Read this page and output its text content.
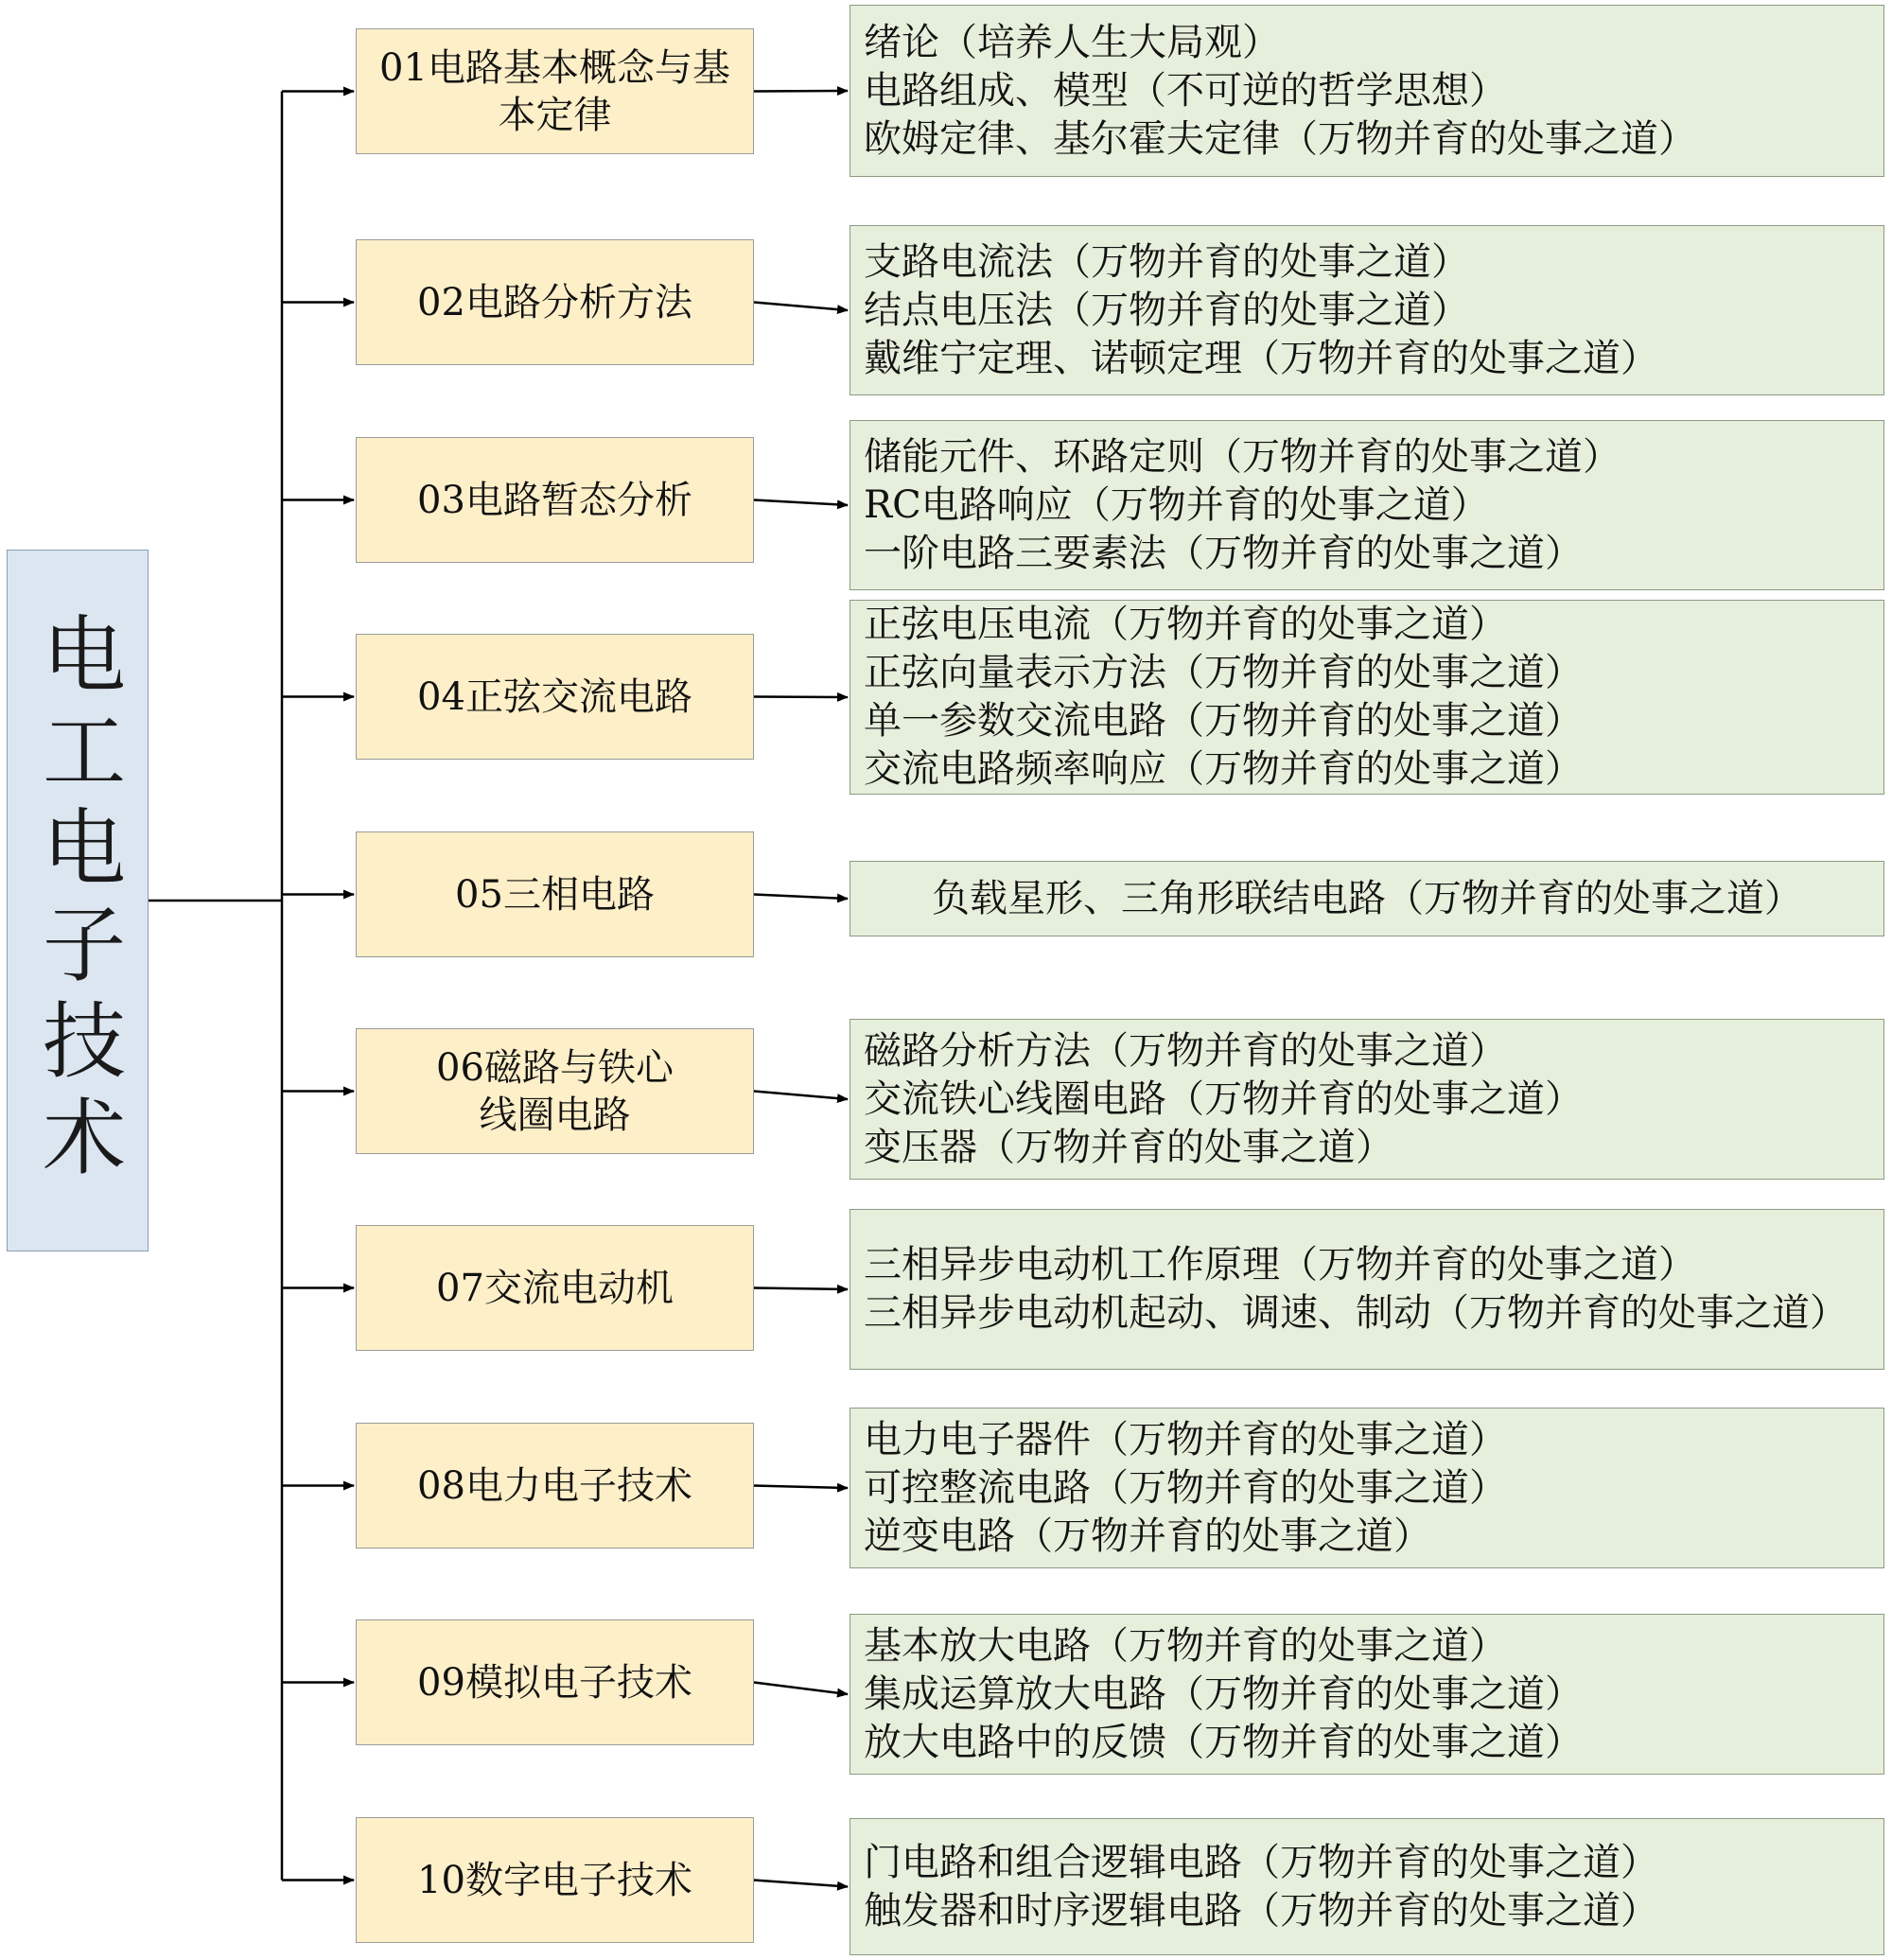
电工电子技术
01电路基本概念与基
本定律
绪论（培养人生大局观）
电路组成、模型（不可逆的哲学思想）
欧姆定律、基尔霍夫定律（万物并育的处事之道）
02电路分析方法
支路电流法（万物并育的处事之道）
结点电压法（万物并育的处事之道）
戴维宁定理、诺顿定理（万物并育的处事之道）
03电路暂态分析
储能元件、环路定则（万物并育的处事之道）
RC电路响应（万物并育的处事之道）
一阶电路三要素法（万物并育的处事之道）
04正弦交流电路
正弦电压电流（万物并育的处事之道）
正弦向量表示方法（万物并育的处事之道）
单一参数交流电路（万物并育的处事之道）
交流电路频率响应（万物并育的处事之道）
05三相电路	负载星形、三角形联结电路（万物并育的处事之道）
06磁路与铁心
线圈电路
磁路分析方法（万物并育的处事之道）
交流铁心线圈电路（万物并育的处事之道）
变压器（万物并育的处事之道）
07交流电动机
三相异步电动机工作原理（万物并育的处事之道）
三相异步电动机起动、调速、制动（万物并育的处事之道）
08电力电子技术
电力电子器件（万物并育的处事之道）
可控整流电路（万物并育的处事之道）
逆变电路（万物并育的处事之道）
09模拟电子技术
基本放大电路（万物并育的处事之道）
集成运算放大电路（万物并育的处事之道）
放大电路中的反馈（万物并育的处事之道）
10数字电子技术	门电路和组合逻辑电路（万物并育的处事之道）
触发器和时序逻辑电路（万物并育的处事之道）
